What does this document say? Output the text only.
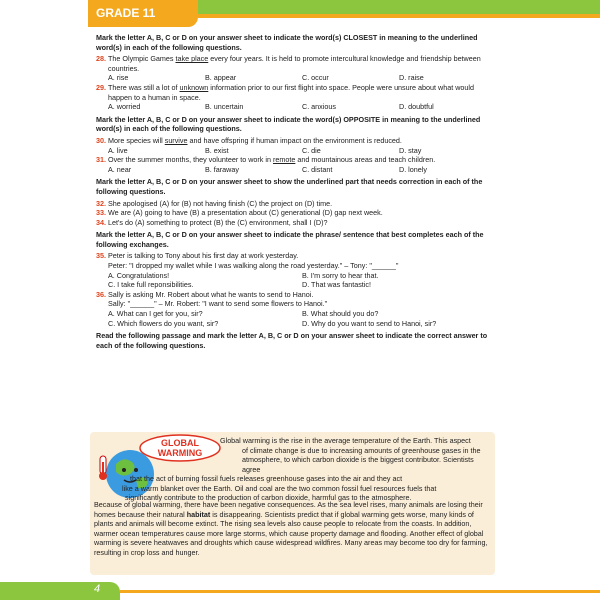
GRADE 11
Mark the letter A, B, C or D on your answer sheet to indicate the word(s) CLOSEST in meaning to the underlined word(s) in each of the following questions.
28. The Olympic Games take place every four years. It is held to promote intercultural knowledge and friendship between countries.
A. rise	B. appear	C. occur	D. raise
29. There was still a lot of unknown information prior to our first flight into space. People were unsure about what would happen to a human in space.
A. worried	B. uncertain	C. anxious	D. doubtful
Mark the letter A, B, C or D on your answer sheet to indicate the word(s) OPPOSITE in meaning to the underlined word(s) in each of the following questions.
30. More species will survive and have offspring if human impact on the environment is reduced.
A. live	B. exist	C. die	D. stay
31. Over the summer months, they volunteer to work in remote and mountainous areas and teach children.
A. near	B. faraway	C. distant	D. lonely
Mark the letter A, B, C or D on your answer sheet to show the underlined part that needs correction in each of the following questions.
32. She apologised (A) for (B) not having finish (C) the project on (D) time.
33. We are (A) going to have (B) a presentation about (C) generational (D) gap next week.
34. Let's do (A) something to protect (B) the (C) environment, shall I (D)?
Mark the letter A, B, C or D on your answer sheet to indicate the phrase/ sentence that best completes each of the following exchanges.
35. Peter is talking to Tony about his first day at work yesterday.
Peter: "I dropped my wallet while I was walking along the road yesterday." – Tony: "______"
A. Congratulations!	B. I'm sorry to hear that.
C. I take full reponsibilities.	D. That was fantastic!
36. Sally is asking Mr. Robert about what he wants to send to Hanoi.
Sally: "______" – Mr. Robert: "I want to send some flowers to Hanoi."
A. What can I get for you, sir?	B. What should you do?
C. Which flowers do you want, sir?	D. Why do you want to send to Hanoi, sir?
Read the following passage and mark the letter A, B, C or D on your answer sheet to indicate the correct answer to each of the following questions.
GLOBAL
WARMING
Global warming is the rise in the average temperature of the Earth. This aspect
of climate change is due to increasing amounts of greenhouse gases in the
atmosphere, to which carbon dioxide is the biggest contributor. Scientists agree
that the act of burning fossil fuels releases greenhouse gases into the air and they act
like a warm blanket over the Earth. Oil and coal are the two common fossil fuel resources fuels that
significantly contribute to the production of carbon dioxide, harmful gas to the atmosphere.
Because of global warming, there have been negative consequences. As the sea level rises, many animals are losing their homes because their natural habitat is disappearing. Scientists predict that if global warming gets worse, many kinds of plants and animals will become extinct. The rising sea levels also cause people to relocate from the coasts. In addition, warmer ocean temperatures cause more large storms, which cause property damage and flooding. Another effect of global warming is severe heatwaves and droughts which cause widespread wildfires. Many areas may become too dry for farming, resulting in crop loss and hunger.
4
